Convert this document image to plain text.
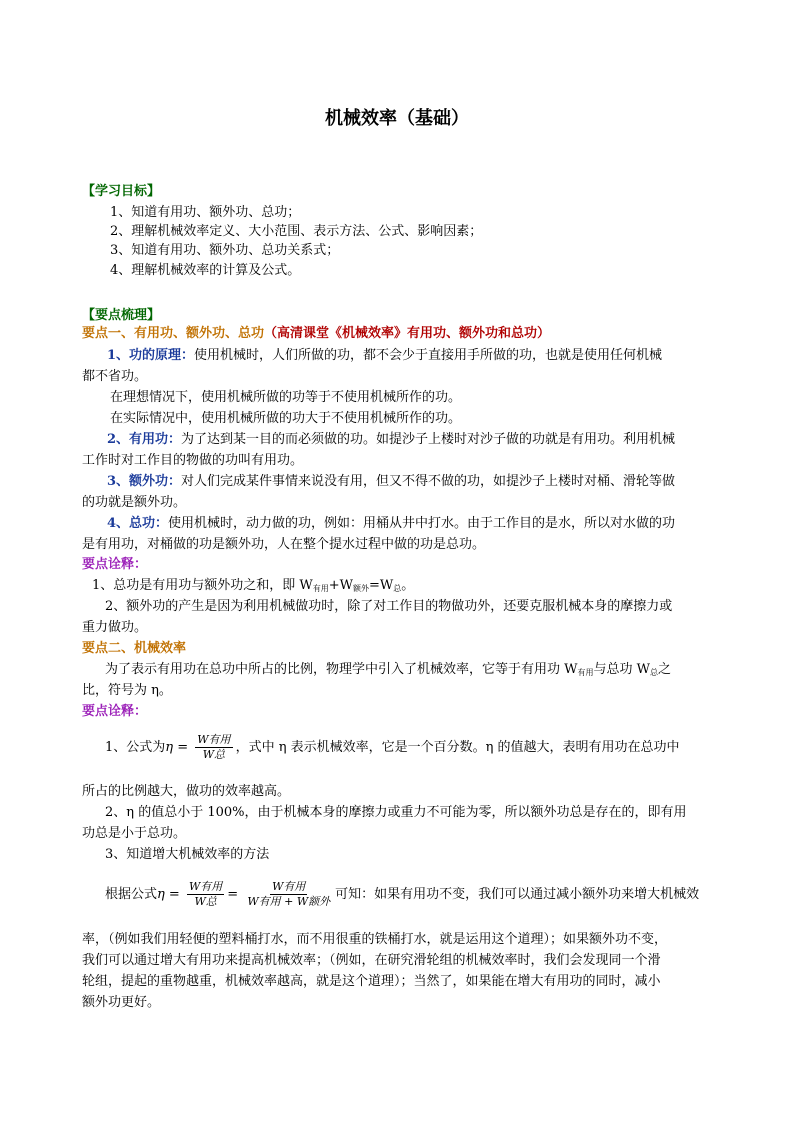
机械效率（基础）
【学习目标】
1、知道有用功、额外功、总功；
2、理解机械效率定义、大小范围、表示方法、公式、影响因素；
3、知道有用功、额外功、总功关系式；
4、理解机械效率的计算及公式。
【要点梳理】
要点一、有用功、额外功、总功（高清课堂《机械效率》有用功、额外功和总功）
1、功的原理：使用机械时，人们所做的功，都不会少于直接用手所做的功，也就是使用任何机械
都不省功。
在理想情况下，使用机械所做的功等于不使用机械所作的功。
在实际情况中，使用机械所做的功大于不使用机械所作的功。
2、有用功：为了达到某一目的而必须做的功。如提沙子上楼时对沙子做的功就是有用功。利用机械
工作时对工作目的物做的功叫有用功。
3、额外功：对人们完成某件事情来说没有用，但又不得不做的功，如提沙子上楼时对桶、滑轮等做
的功就是额外功。
4、总功：使用机械时，动力做的功，例如：用桶从井中打水。由于工作目的是水，所以对水做的功
是有用功，对桶做的功是额外功，人在整个提水过程中做的功是总功。
要点诠释：
1、总功是有用功与额外功之和，即 $W_{有用}+W_{额外}=W_总$。
2、额外功的产生是因为利用机械做功时，除了对工作目的物做功外，还要克服机械本身的摩擦力或
重力做功。
要点二、机械效率
为了表示有用功在总功中所占的比例，物理学中引入了机械效率，它等于有用功 $W_{有用}$与总功 $W_总$之
比，符号为 η。
要点诠释：
1、公式为$\eta = \frac{\text{W有用}}{\text{W总}}$ ，式中 η 表示机械效率，它是一个百分数。η 的值越大，表明有用功在总功中
所占的比例越大，做功的效率越高。
2、η 的值总小于 100%，由于机械本身的摩擦力或重力不可能为零，所以额外功总是存在的，即有用
功总是小于总功。
3、知道增大机械效率的方法
根据公式$\eta = \frac{\text{W有用}}{\text{W总}} = \frac{\text{W有用}}{\text{W有用 + W额外}}$ 可知：如果有用功不变，我们可以通过减小额外功来增大机械效
率，（例如我们用轻便的塑料桶打水，而不用很重的铁桶打水，就是运用这个道理）；如果额外功不变，
我们可以通过增大有用功来提高机械效率；（例如，在研究滑轮组的机械效率时，我们会发现同一个滑
轮组，提起的重物越重，机械效率越高，就是这个道理）；当然了，如果能在增大有用功的同时，减小
额外功更好。
